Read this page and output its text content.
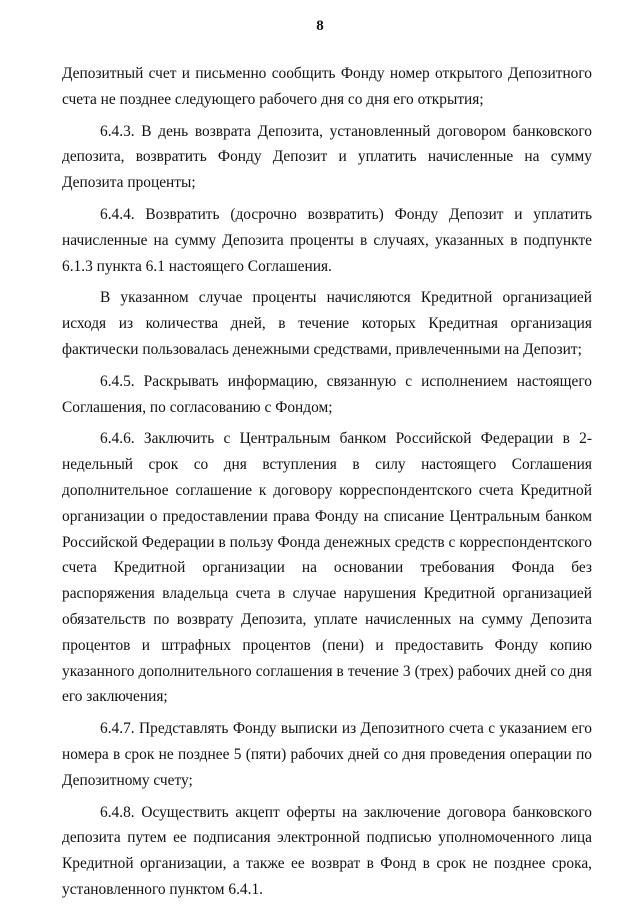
8

Депозитный счет и письменно сообщить Фонду номер открытого Депозитного счета не позднее следующего рабочего дня со дня его открытия;

6.4.3. В день возврата Депозита, установленный договором банковского депозита, возвратить Фонду Депозит и уплатить начисленные на сумму Депозита проценты;

6.4.4. Возвратить (досрочно возвратить) Фонду Депозит и уплатить начисленные на сумму Депозита проценты в случаях, указанных в подпункте 6.1.3 пункта 6.1 настоящего Соглашения.

В указанном случае проценты начисляются Кредитной организацией исходя из количества дней, в течение которых Кредитная организация фактически пользовалась денежными средствами, привлеченными на Депозит;

6.4.5. Раскрывать информацию, связанную с исполнением настоящего Соглашения, по согласованию с Фондом;

6.4.6. Заключить с Центральным банком Российской Федерации в 2-недельный срок со дня вступления в силу настоящего Соглашения дополнительное соглашение к договору корреспондентского счета Кредитной организации о предоставлении права Фонду на списание Центральным банком Российской Федерации в пользу Фонда денежных средств с корреспондентского счета Кредитной организации на основании требования Фонда без распоряжения владельца счета в случае нарушения Кредитной организацией обязательств по возврату Депозита, уплате начисленных на сумму Депозита процентов и штрафных процентов (пени) и предоставить Фонду копию указанного дополнительного соглашения в течение 3 (трех) рабочих дней со дня его заключения;

6.4.7. Представлять Фонду выписки из Депозитного счета с указанием его номера в срок не позднее 5 (пяти) рабочих дней со дня проведения операции по Депозитному счету;

6.4.8. Осуществить акцепт оферты на заключение договора банковского депозита путем ее подписания электронной подписью уполномоченного лица Кредитной организации, а также ее возврат в Фонд в срок не позднее срока, установленного пунктом 6.4.1.
